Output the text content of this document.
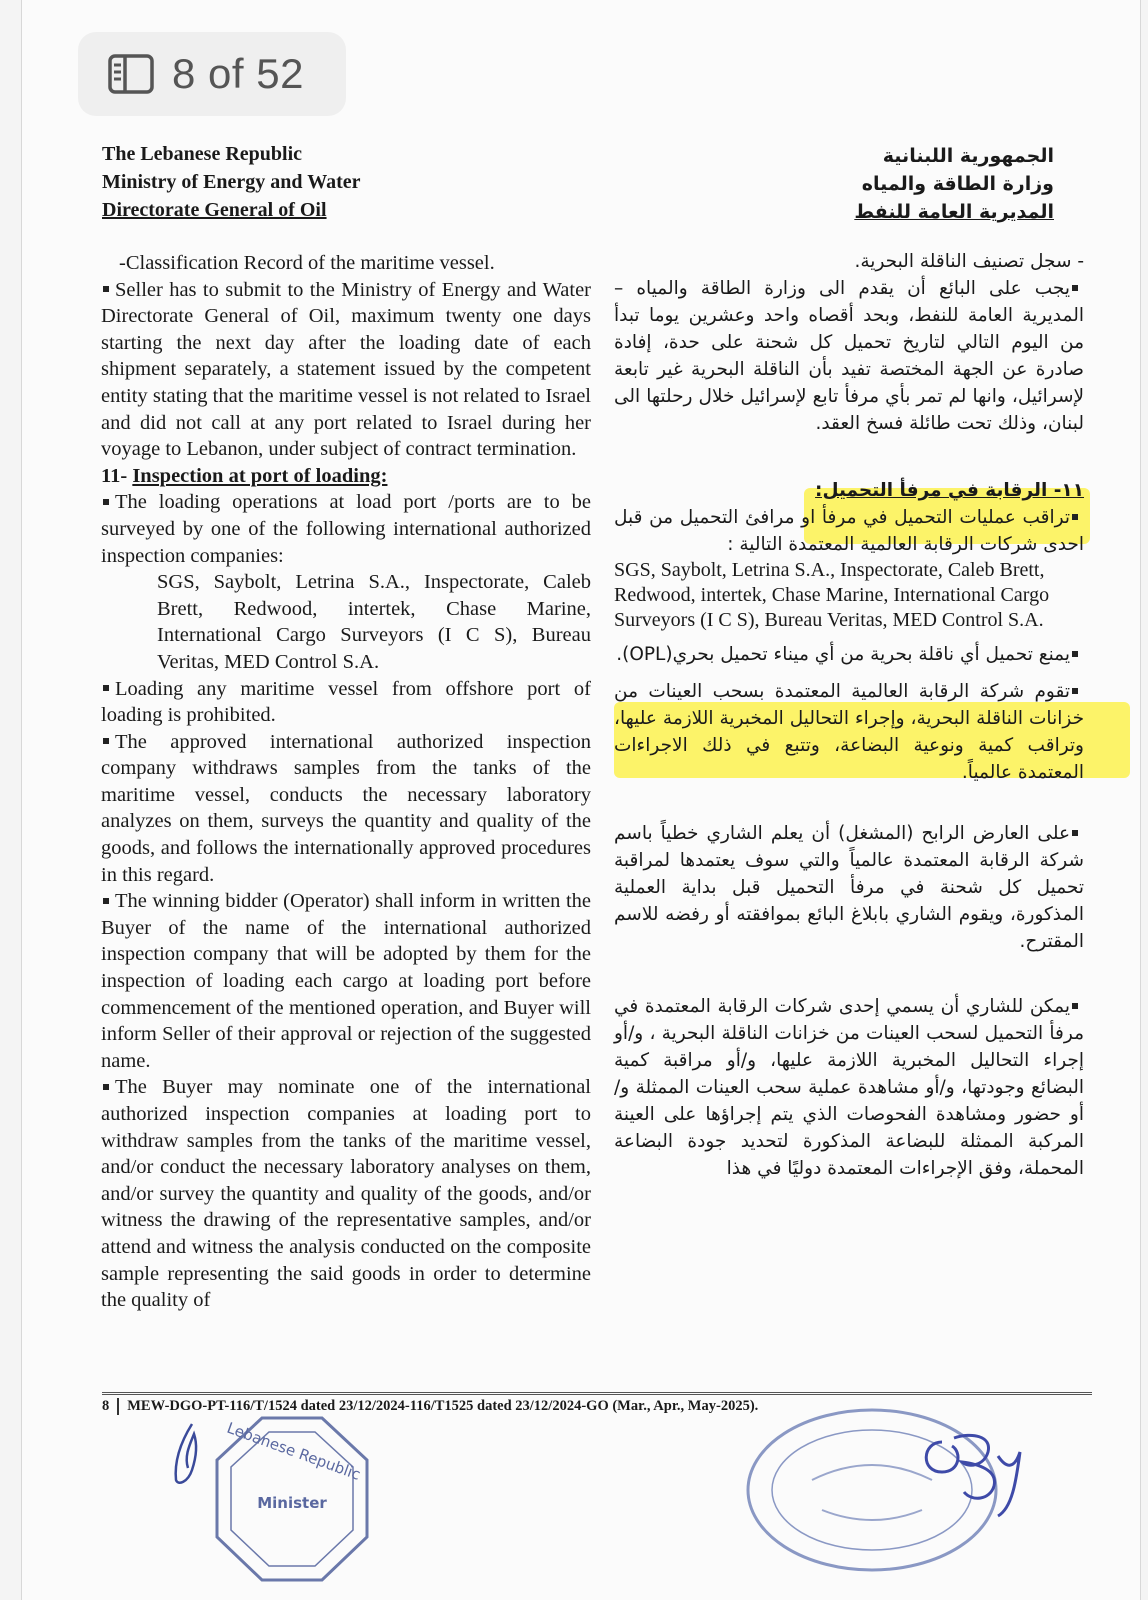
8 of 52
The Lebanese Republic
Ministry of Energy and Water
Directorate General of Oil
الجمهورية اللبنانية
وزارة الطاقة والمياه
المديرية العامة للنفط

-Classification Record of the maritime vessel.

Seller has to submit to the Ministry of Energy and Water Directorate General of Oil, maximum twenty one days starting the next day after the loading date of each shipment separately, a statement issued by the competent entity stating that the maritime vessel is not related to Israel and did not call at any port related to Israel during her voyage to Lebanon, under subject of contract termination.

11- Inspection at port of loading:

The loading operations at load port /ports are to be surveyed by one of the following international authorized inspection companies:

SGS, Saybolt, Letrina S.A., Inspectorate, Caleb Brett, Redwood, intertek, Chase Marine, International Cargo Surveyors (I C S), Bureau Veritas, MED Control S.A.

Loading any maritime vessel from offshore port of loading is prohibited.

The approved international authorized inspection company withdraws samples from the tanks of the maritime vessel, conducts the necessary laboratory analyzes on them, surveys the quantity and quality of the goods, and follows the internationally approved procedures in this regard.

The winning bidder (Operator) shall inform in written the Buyer of the name of the international authorized inspection company that will be adopted by them for the inspection of loading each cargo at loading port before commencement of the mentioned operation, and Buyer will inform Seller of their approval or rejection of the suggested name.

The Buyer may nominate one of the international authorized inspection companies at loading port to withdraw samples from the tanks of the maritime vessel, and/or conduct the necessary laboratory analyses on them, and/or survey the quantity and quality of the goods, and/or witness the drawing of the representative samples, and/or attend and witness the analysis conducted on the composite sample representing the said goods in order to determine the quality of

- سجل تصنيف الناقلة البحرية.

يجب على البائع أن يقدم الى وزارة الطاقة والمياه – المديرية العامة للنفط، وبحد أقصاه واحد وعشرين يوما تبدأ من اليوم التالي لتاريخ تحميل كل شحنة على حدة، إفادة صادرة عن الجهة المختصة تفيد بأن الناقلة البحرية غير تابعة لإسرائيل، وانها لم تمر بأي مرفأ تابع لإسرائيل خلال رحلتها الى لبنان، وذلك تحت طائلة فسخ العقد.

١١- الرقابة في مرفأ التحميل:

تراقب عمليات التحميل في مرفأ او مرافئ التحميل من قبل احدى شركات الرقابة العالمية المعتمدة التالية :

SGS, Saybolt, Letrina S.A., Inspectorate, Caleb Brett, Redwood, intertek, Chase Marine, International Cargo Surveyors (I C S), Bureau Veritas, MED Control S.A.

يمنع تحميل أي ناقلة بحرية من أي ميناء تحميل بحري(OPL).

تقوم شركة الرقابة العالمية المعتمدة بسحب العينات من خزانات الناقلة البحرية، وإجراء التحاليل المخبرية اللازمة عليها، وتراقب كمية ونوعية البضاعة، وتتبع في ذلك الاجراءات المعتمدة عالمياً.

على العارض الرابح (المشغل) أن يعلم الشاري خطياً باسم شركة الرقابة المعتمدة عالمياً والتي سوف يعتمدها لمراقبة تحميل كل شحنة في مرفأ التحميل قبل بداية العملية المذكورة، ويقوم الشاري بابلاغ البائع بموافقته أو رفضه للاسم المقترح.

يمكن للشاري أن يسمي إحدى شركات الرقابة المعتمدة في مرفأ التحميل لسحب العينات من خزانات الناقلة البحرية ، و/أو إجراء التحاليل المخبرية اللازمة عليها، و/أو مراقبة كمية البضائع وجودتها، و/أو مشاهدة عملية سحب العينات الممثلة و/أو حضور ومشاهدة الفحوصات الذي يتم إجراؤها على العينة المركبة الممثلة للبضاعة المذكورة لتحديد جودة البضاعة المحملة، وفق الإجراءات المعتمدة دوليًا في هذا

8 MEW-DGO-PT-116/T/1524 dated 23/12/2024-116/T1525 dated 23/12/2024-GO (Mar., Apr., May-2025).
Lebanese Republic
Minister
